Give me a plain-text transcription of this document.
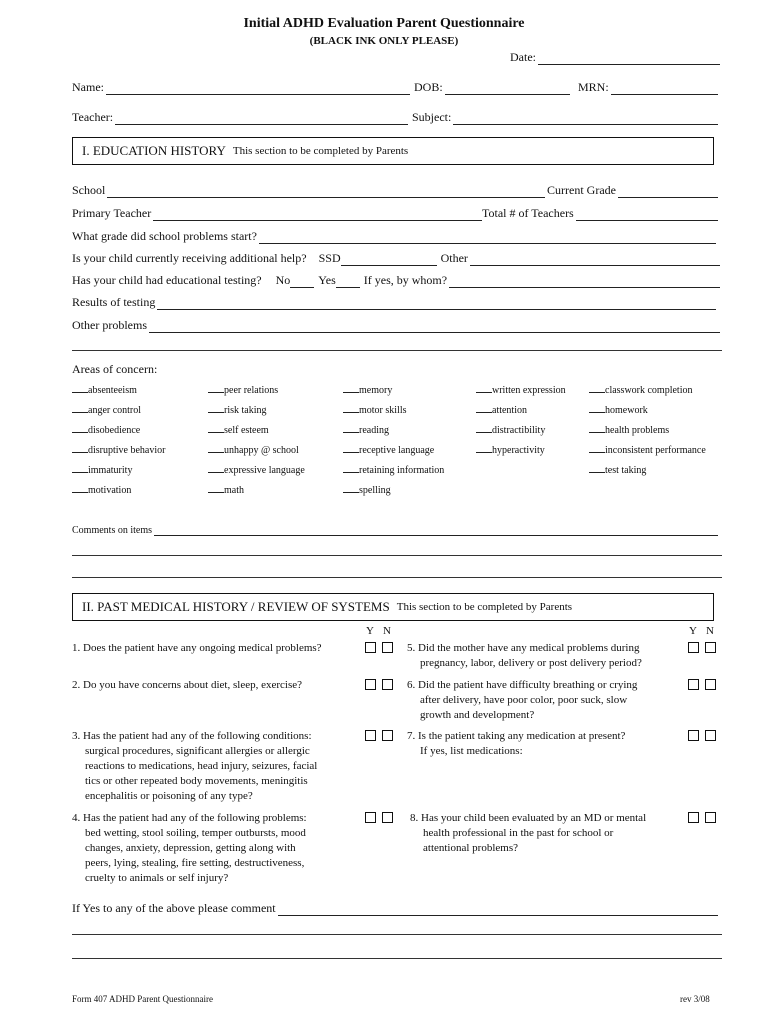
Initial ADHD Evaluation Parent Questionnaire
(BLACK INK ONLY PLEASE)
Date:
Name:	DOB:	MRN:
Teacher:	Subject:
I. EDUCATION HISTORY This section to be completed by Parents
School	Current Grade
Primary Teacher	Total # of Teachers
What grade did school problems start?
Is your child currently receiving additional help? SSD	Other
Has your child had educational testing? No Yes If yes, by whom?
Results of testing
Other problems
Areas of concern:
absenteeism
anger control
disobedience
disruptive behavior
immaturity
motivation
peer relations
risk taking
self esteem
unhappy @ school
expressive language
math
memory
motor skills
reading
receptive language
retaining information
spelling
written expression
attention
distractibility
hyperactivity
classwork completion
homework
health problems
inconsistent performance
test taking
Comments on items
II. PAST MEDICAL HISTORY / REVIEW OF SYSTEMS This section to be completed by Parents
Y N	Y N
1. Does the patient have any ongoing medical problems?
2. Do you have concerns about diet, sleep, exercise?
3. Has the patient had any of the following conditions:
surgical procedures, significant allergies or allergic
reactions to medications, head injury, seizures, facial
tics or other repeated body movements, meningitis
encephalitis or poisoning of any type?
4. Has the patient had any of the following problems:
bed wetting, stool soiling, temper outbursts, mood
changes, anxiety, depression, getting along with
peers, lying, stealing, fire setting, destructiveness,
cruelty to animals or self injury?
5. Did the mother have any medical problems during
pregnancy, labor, delivery or post delivery period?
6. Did the patient have difficulty breathing or crying
after delivery, have poor color, poor suck, slow
growth and development?
7. Is the patient taking any medication at present?
If yes, list medications:
8. Has your child been evaluated by an MD or mental
health professional in the past for school or
attentional problems?
If Yes to any of the above please comment
Form 407 ADHD Parent Questionnaire	rev 3/08
